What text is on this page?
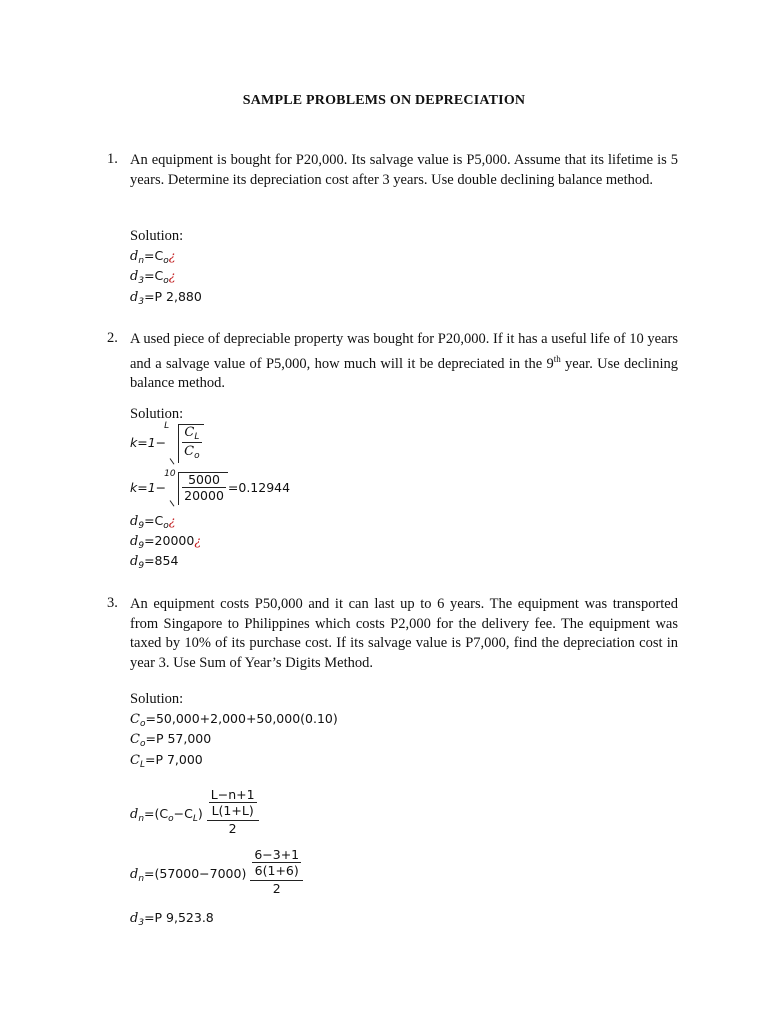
SAMPLE PROBLEMS ON DEPRECIATION
1. An equipment is bought for P20,000. Its salvage value is P5,000. Assume that its lifetime is 5 years. Determine its depreciation cost after 3 years. Use double declining balance method.
Solution:
$d_n=C_o¿$
$d_3=C_o¿$
$d_3=P$ 2,880
2. A used piece of depreciable property was bought for P20,000. If it has a useful life of 10 years and a salvage value of P5,000, how much will it be depreciated in the 9th year. Use declining balance method.
Solution:
k=1−
L $\frac{C_L}{C_o}$
k=1−
$10 \frac{5000}{20000} =0.12944$
$d_9=C_o¿$
$d_9=20000¿$
$d_9=854$
3. An equipment costs P50,000 and it can last up to 6 years. The equipment was transported from Singapore to Philippines which costs P2,000 for the delivery fee. The equipment was taxed by 10% of its purchase cost. If its salvage value is P7,000, find the depreciation cost in year 3. Use Sum of Year’s Digits Method.
Solution:
$C_o=50,000+2,000+50,000(0.10)$
$C_o=P$ 57,000
$C_L=P$ 7,000
$d_n=(C_o-C_L) \frac{\frac{L-n+1}{L(1+L)}}{2}$
$d_n=(57000-7000) \frac{\frac{6-3+1}{6(1+6)}}{2}$
$d_3=P$ 9,523.8
